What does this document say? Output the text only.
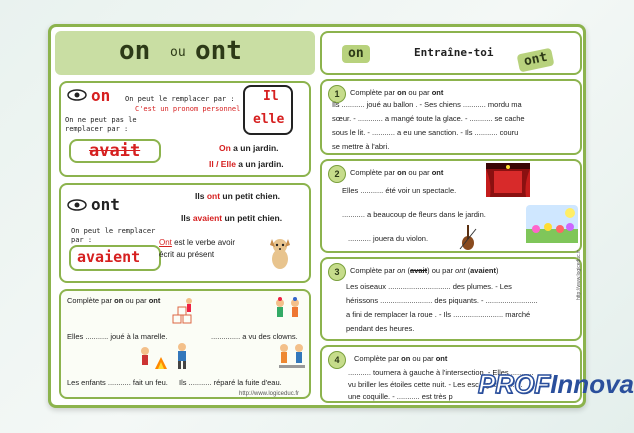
on ou ont
on On peut le remplacer par :
C'est un pronom personnel
On ne peut pas le remplacer par :
avait
Il
elle
On a un jardin.
Il / Elle a un jardin.
ont	Ils ont un petit chien.
Ils avaient un petit chien.
On peut le remplacer par :
avaient
Ont est le verbe avoir
écrit au présent
Complète par on ou par ont
Elles ........... joué à la marelle.	.............. a vu des clowns.
Les enfants ........... fait un feu. Ils ........... réparé la fuite d'eau.
http://www.logiceduc.fr
on	Entraîne-toi	ont
1	Complète par on ou par ont
Ils ........... joué au ballon . - Ses chiens ........... mordu ma
sœur. - ............ a mangé toute la glace. - ........... se cache
sous le lit. - ........... a eu une sanction. - Ils ........... couru
se mettre à l'abri.
2	Complète par on ou par ont
Elles ........... été voir un spectacle.
........... a beaucoup de fleurs dans le jardin.
........... jouera du violon.
3	Complète par on (avait) ou par ont (avaient)
Les oiseaux .............................. des plumes. - Les
hérissons ......................... des piquants. - .........................
a fini de remplacer la roue . - Ils ........................ marché
pendant des heures.
4	Complète par on ou par ont
........... tournera à gauche à l'intersection. - Elles ...........
vu briller les étoiles cette nuit. - Les escargots...........
une coquille. - ........... est très p
http://www.logiceduc.fr
PROFInnova
